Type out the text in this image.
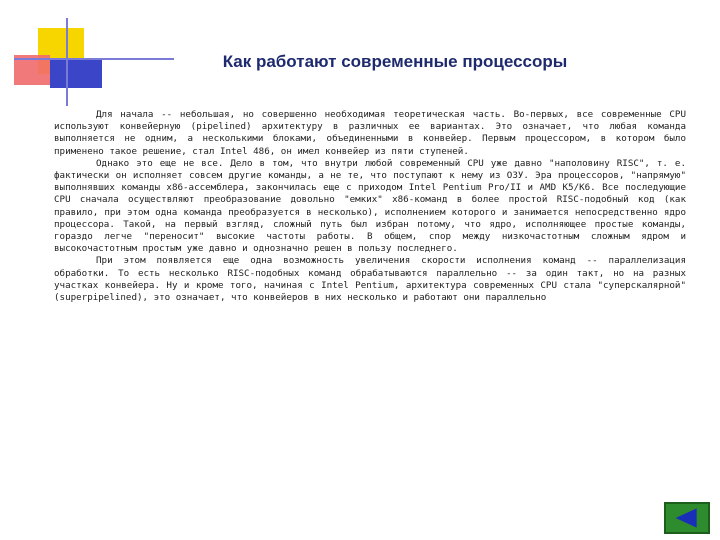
Как работают современные процессоры

Для начала -- небольшая, но совершенно необходимая теоретическая часть. Во-первых, все современные CPU используют конвейерную (pipelined) архитектуру в различных ее вариантах. Это означает, что любая команда выполняется не одним, а несколькими блоками, объединенными в конвейер. Первым процессором, в котором было применено такое решение, стал Intel 486, он имел конвейер из пяти ступеней.

Однако это еще не все. Дело в том, что внутри любой современный CPU уже давно "наполовину RISC", т. е. фактически он исполняет совсем другие команды, а не те, что поступают к нему из ОЗУ. Эра процессоров, "напрямую" выполнявших команды x86-ассемблера, закончилась еще с приходом Intel Pentium Pro/II и AMD K5/K6. Все последующие CPU сначала осуществляют преобразование довольно "емких" x86-команд в более простой RISC-подобный код (как правило, при этом одна команда преобразуется в несколько), исполнением которого и занимается непосредственно ядро процессора. Такой, на первый взгляд, сложный путь был избран потому, что ядро, исполняющее простые команды, гораздо легче "переносит" высокие частоты работы. В общем, спор между низкочастотным сложным ядром и высокочастотным простым уже давно и однозначно решен в пользу последнего.

При этом появляется еще одна возможность увеличения скорости исполнения команд -- параллелизация обработки. То есть несколько RISC-подобных команд обрабатываются параллельно -- за один такт, но на разных участках конвейера. Ну и кроме того, начиная с Intel Pentium, архитектура современных CPU стала "суперскалярной" (superpipelined), это означает, что конвейеров в них несколько и работают они параллельно
